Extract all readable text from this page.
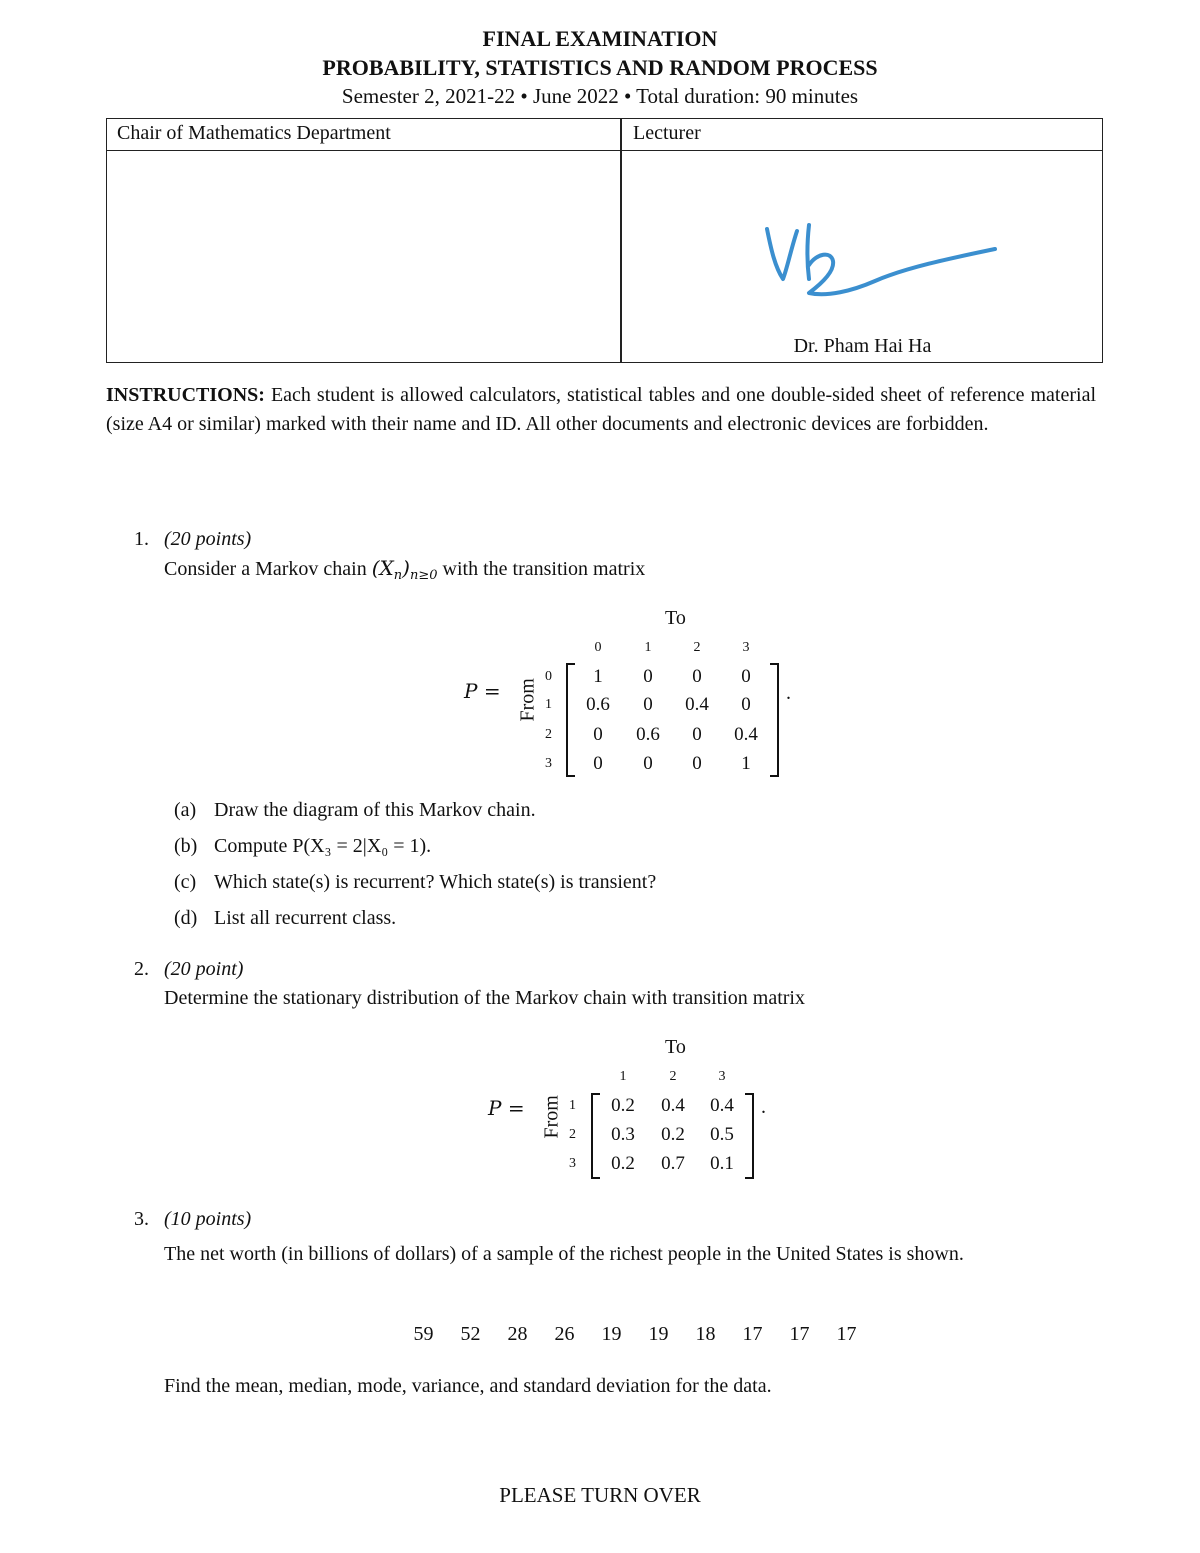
FINAL EXAMINATION
PROBABILITY, STATISTICS AND RANDOM PROCESS
Semester 2, 2021-22 • June 2022 • Total duration: 90 minutes
Chair of Mathematics Department	Lecturer
Dr. Pham Hai Ha
INSTRUCTIONS: Each student is allowed calculators, statistical tables and one double-sided sheet of reference material (size A4 or similar) marked with their name and ID. All other documents and electronic devices are forbidden.
1. (20 points)
Consider a Markov chain $(X_n)_{n\ge 0}$ with the transition matrix
To
0	1	2	3
P = From
0
1
2
3
.
1	0	0	0
0.6	0	0.4	0
0	0.6	0	0.4
0	0	0	1
(a) Draw the diagram of this Markov chain.
(b) Compute P(X₃ = 2|X₀ = 1).
(c) Which state(s) is recurrent? Which state(s) is transient?
(d) List all recurrent class.
2. (20 point)
Determine the stationary distribution of the Markov chain with transition matrix
To
1	2	3
P = From 1
2
3
.
0.2	0.4	0.4
0.3	0.2	0.5
0.2	0.7	0.1
3. (10 points)
The net worth (in billions of dollars) of a sample of the richest people in the United States is shown.
59 52 28 26 19 19 18 17 17 17
Find the mean, median, mode, variance, and standard deviation for the data.
PLEASE TURN OVER
